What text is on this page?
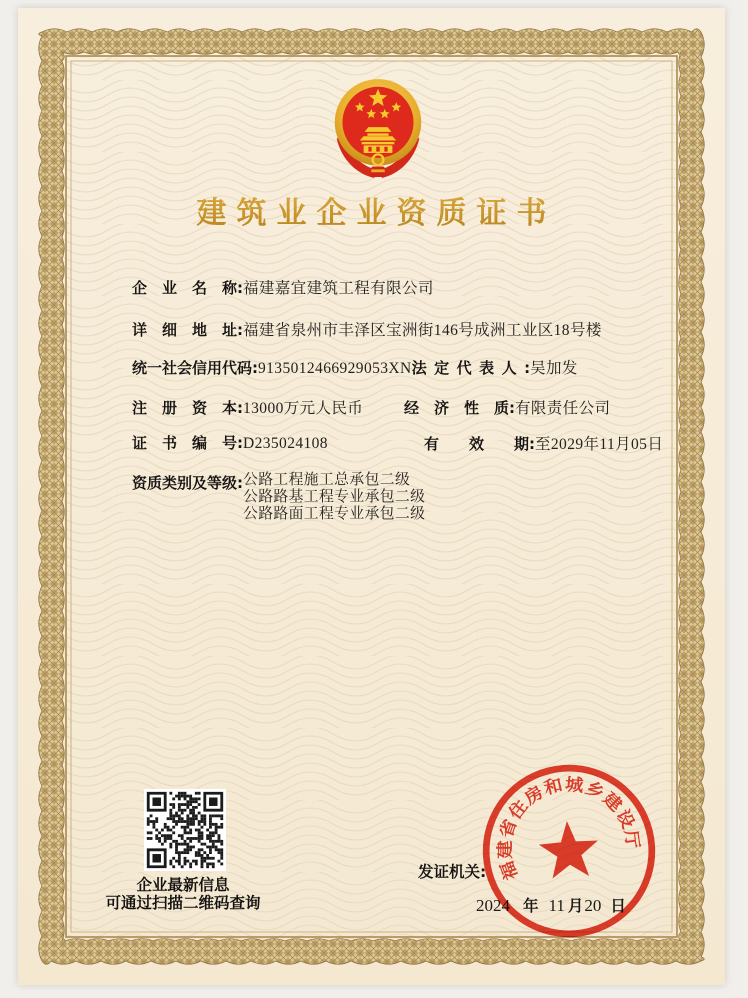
建筑业企业资质证书
企　业　名　称:福建嘉宜建筑工程有限公司
详　细　地　址:福建省泉州市丰泽区宝洲街146号成洲工业区18号楼
统一社会信用代码:9135012466929053XN法 定 代 表 人 :吴加发
注　册　资　本:13000万元人民币	经　济　性　质:有限责任公司
证　书　编　号:D235024108	有　　效　　期:至2029年11月05日
资质类别及等级: 公路工程施工总承包二级
公路路基工程专业承包二级
公路路面工程专业承包二级
企业最新信息
可通过扫描二维码查询
发证机关:
2024 年 11 月 20 日
福建省住房和城乡建设厅
